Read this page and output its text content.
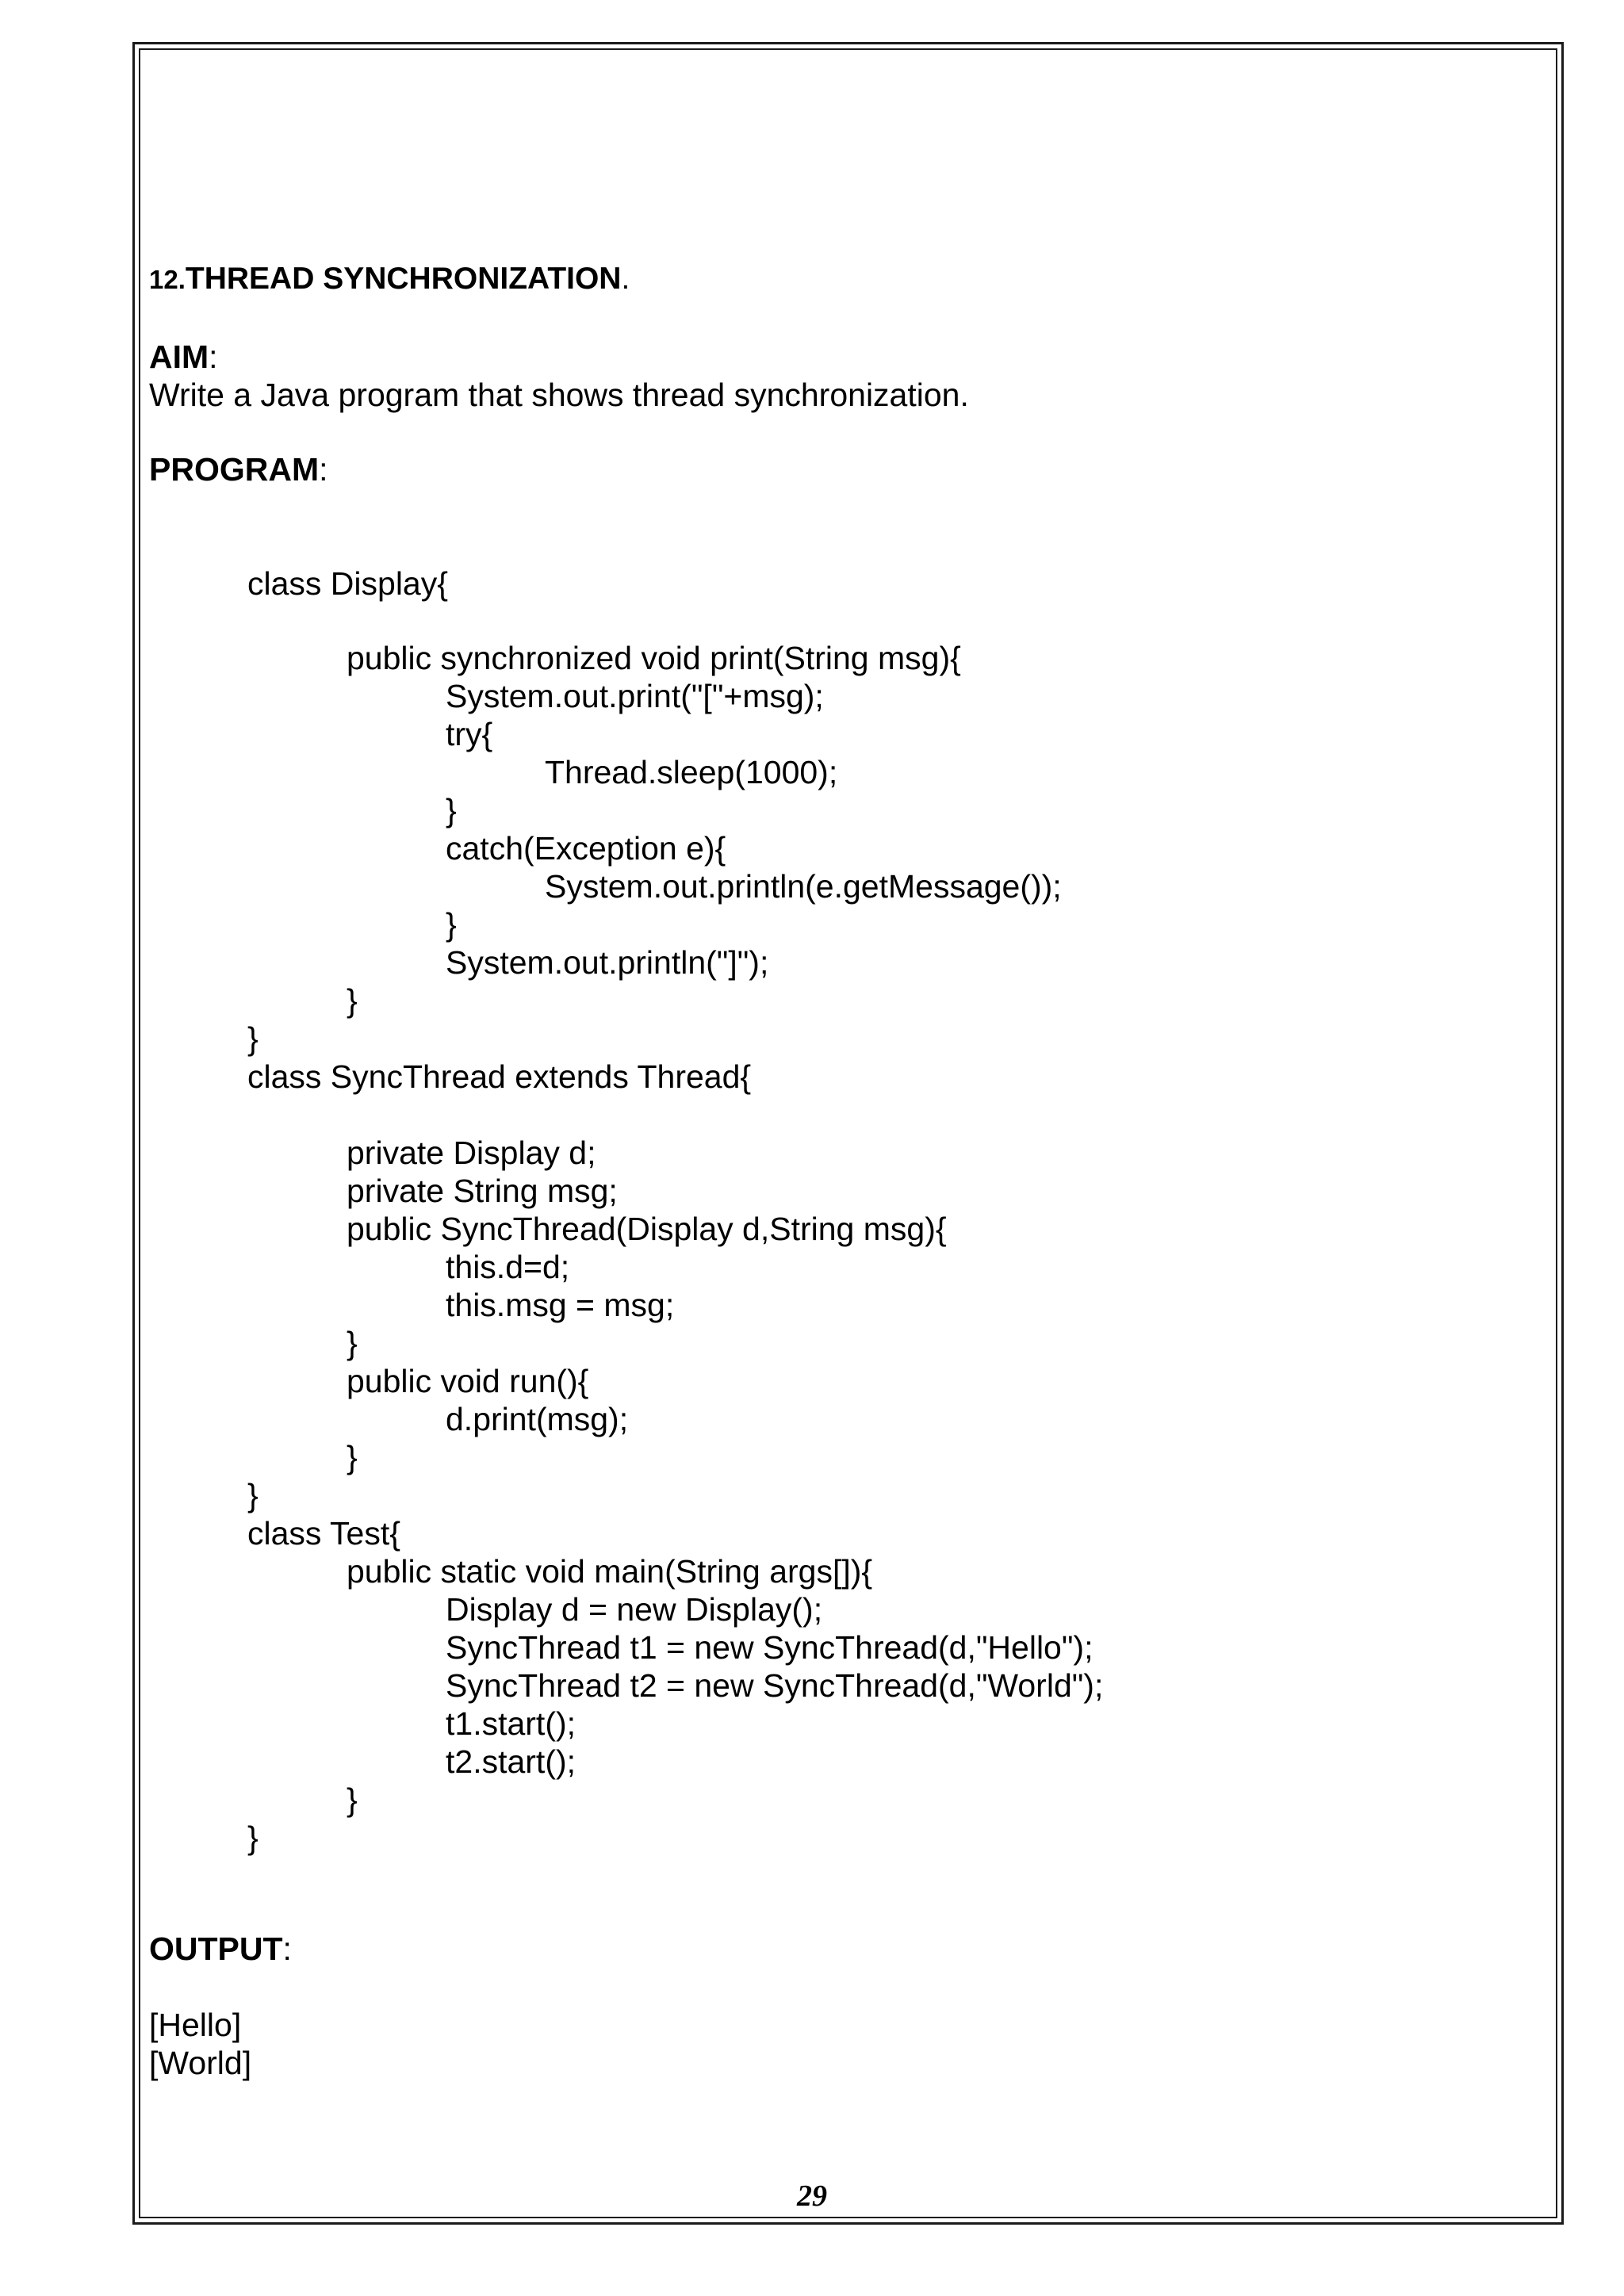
12.THREAD SYNCHRONIZATION.
AIM:
Write a Java program that shows thread synchronization.
PROGRAM:
class Display{
public synchronized void print(String msg){
System.out.print("["+msg);
try{
Thread.sleep(1000);
}
catch(Exception e){
System.out.println(e.getMessage());
}
System.out.println("]");
}
}
class SyncThread extends Thread{
private Display d;
private String msg;
public SyncThread(Display d,String msg){
this.d=d;
this.msg = msg;
}
public void run(){
d.print(msg);
}
}
class Test{
public static void main(String args[]){
Display d = new Display();
SyncThread t1 = new SyncThread(d,"Hello");
SyncThread t2 = new SyncThread(d,"World");
t1.start();
t2.start();
}
}
OUTPUT:
[Hello]
[World]
29
